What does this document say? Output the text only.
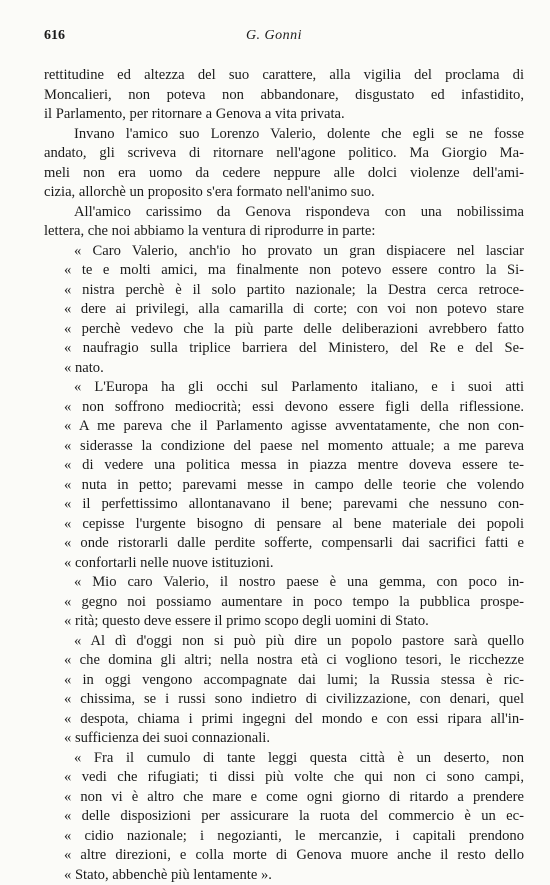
616	G. Gonni
rettitudine ed altezza del suo carattere, alla vigilia del proclama di
Moncalieri, non poteva non abbandonare, disgustato ed infastidito,
il Parlamento, per ritornare a Genova a vita privata.
Invano l'amico suo Lorenzo Valerio, dolente che egli se ne fosse
andato, gli scriveva di ritornare nell'agone politico. Ma Giorgio Ma-
meli non era uomo da cedere neppure alle dolci violenze dell'ami-
cizia, allorchè un proposito s'era formato nell'animo suo.
All'amico carissimo da Genova rispondeva con una nobilissima
lettera, che noi abbiamo la ventura di riprodurre in parte:
« Caro Valerio, anch'io ho provato un gran dispiacere nel lasciar
« te e molti amici, ma finalmente non potevo essere contro la Si-
« nistra perchè è il solo partito nazionale; la Destra cerca retroce-
« dere ai privilegi, alla camarilla di corte; con voi non potevo stare
« perchè vedevo che la più parte delle deliberazioni avrebbero fatto
« naufragio sulla triplice barriera del Ministero, del Re e del Se-
« nato.
« L'Europa ha gli occhi sul Parlamento italiano, e i suoi atti
« non soffrono mediocrità; essi devono essere figli della riflessione.
« A me pareva che il Parlamento agisse avventatamente, che non con-
« siderasse la condizione del paese nel momento attuale; a me pareva
« di vedere una politica messa in piazza mentre doveva essere te-
« nuta in petto; parevami messe in campo delle teorie che volendo
« il perfettissimo allontanavano il bene; parevami che nessuno con-
« cepisse l'urgente bisogno di pensare al bene materiale dei popoli
« onde ristorarli dalle perdite sofferte, compensarli dai sacrifici fatti e
« confortarli nelle nuove istituzioni.
« Mio caro Valerio, il nostro paese è una gemma, con poco in-
« gegno noi possiamo aumentare in poco tempo la pubblica prospe-
« rità; questo deve essere il primo scopo degli uomini di Stato.
« Al dì d'oggi non si può più dire un popolo pastore sarà quello
« che domina gli altri; nella nostra età ci vogliono tesori, le ricchezze
« in oggi vengono accompagnate dai lumi; la Russia stessa è ric-
« chissima, se i russi sono indietro di civilizzazione, con denari, quel
« despota, chiama i primi ingegni del mondo e con essi ripara all'in-
« sufficienza dei suoi connazionali.
« Fra il cumulo di tante leggi questa città è un deserto, non
« vedi che rifugiati; ti dissi più volte che qui non ci sono campi,
« non vi è altro che mare e come ogni giorno di ritardo a prendere
« delle disposizioni per assicurare la ruota del commercio è un ec-
« cidio nazionale; i negozianti, le mercanzie, i capitali prendono
« altre direzioni, e colla morte di Genova muore anche il resto dello
« Stato, abbenchè più lentamente ».
